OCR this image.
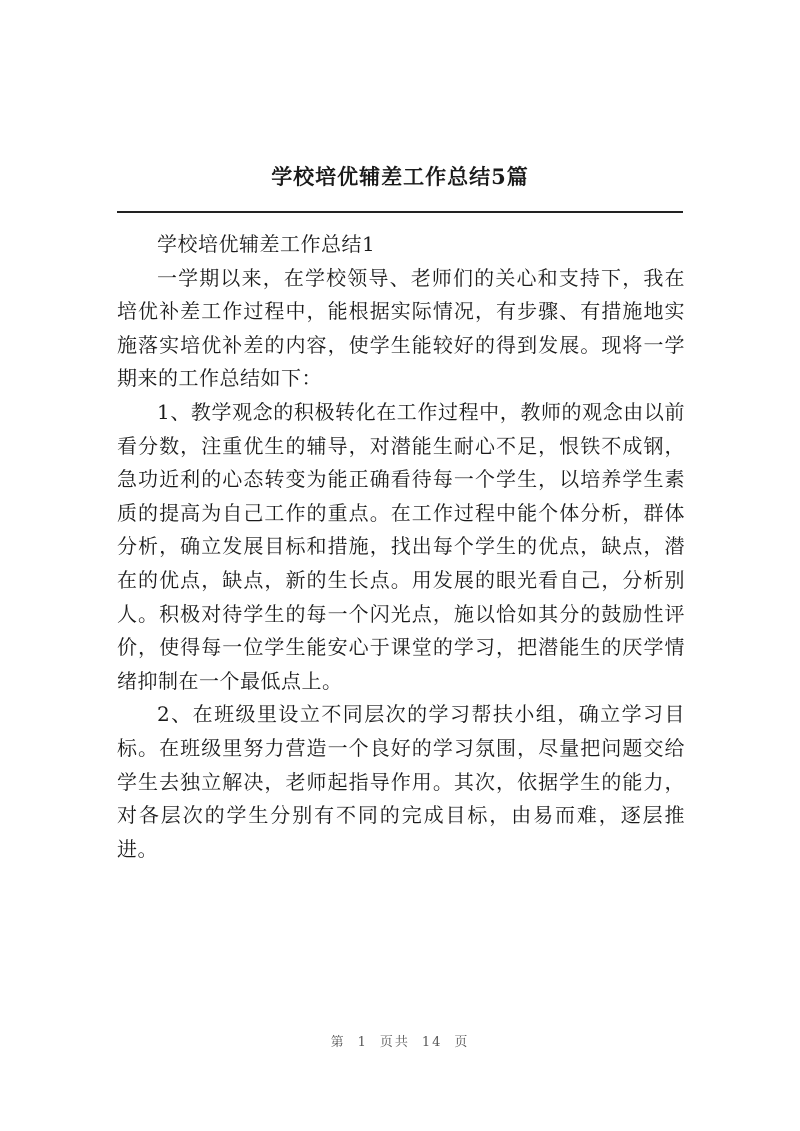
学校培优辅差工作总结5篇

学校培优辅差工作总结1

一学期以来，在学校领导、老师们的关心和支持下，我在培优补差工作过程中，能根据实际情况，有步骤、有措施地实施落实培优补差的内容，使学生能较好的得到发展。现将一学期来的工作总结如下：

1、教学观念的积极转化在工作过程中，教师的观念由以前看分数，注重优生的辅导，对潜能生耐心不足，恨铁不成钢，急功近利的心态转变为能正确看待每一个学生，以培养学生素质的提高为自己工作的重点。在工作过程中能个体分析，群体分析，确立发展目标和措施，找出每个学生的优点，缺点，潜在的优点，缺点，新的生长点。用发展的眼光看自己，分析别人。积极对待学生的每一个闪光点，施以恰如其分的鼓励性评价，使得每一位学生能安心于课堂的学习，把潜能生的厌学情绪抑制在一个最低点上。

2、在班级里设立不同层次的学习帮扶小组，确立学习目标。在班级里努力营造一个良好的学习氛围，尽量把问题交给学生去独立解决，老师起指导作用。其次，依据学生的能力，对各层次的学生分别有不同的完成目标，由易而难，逐层推进。

第 1 页共 14 页
